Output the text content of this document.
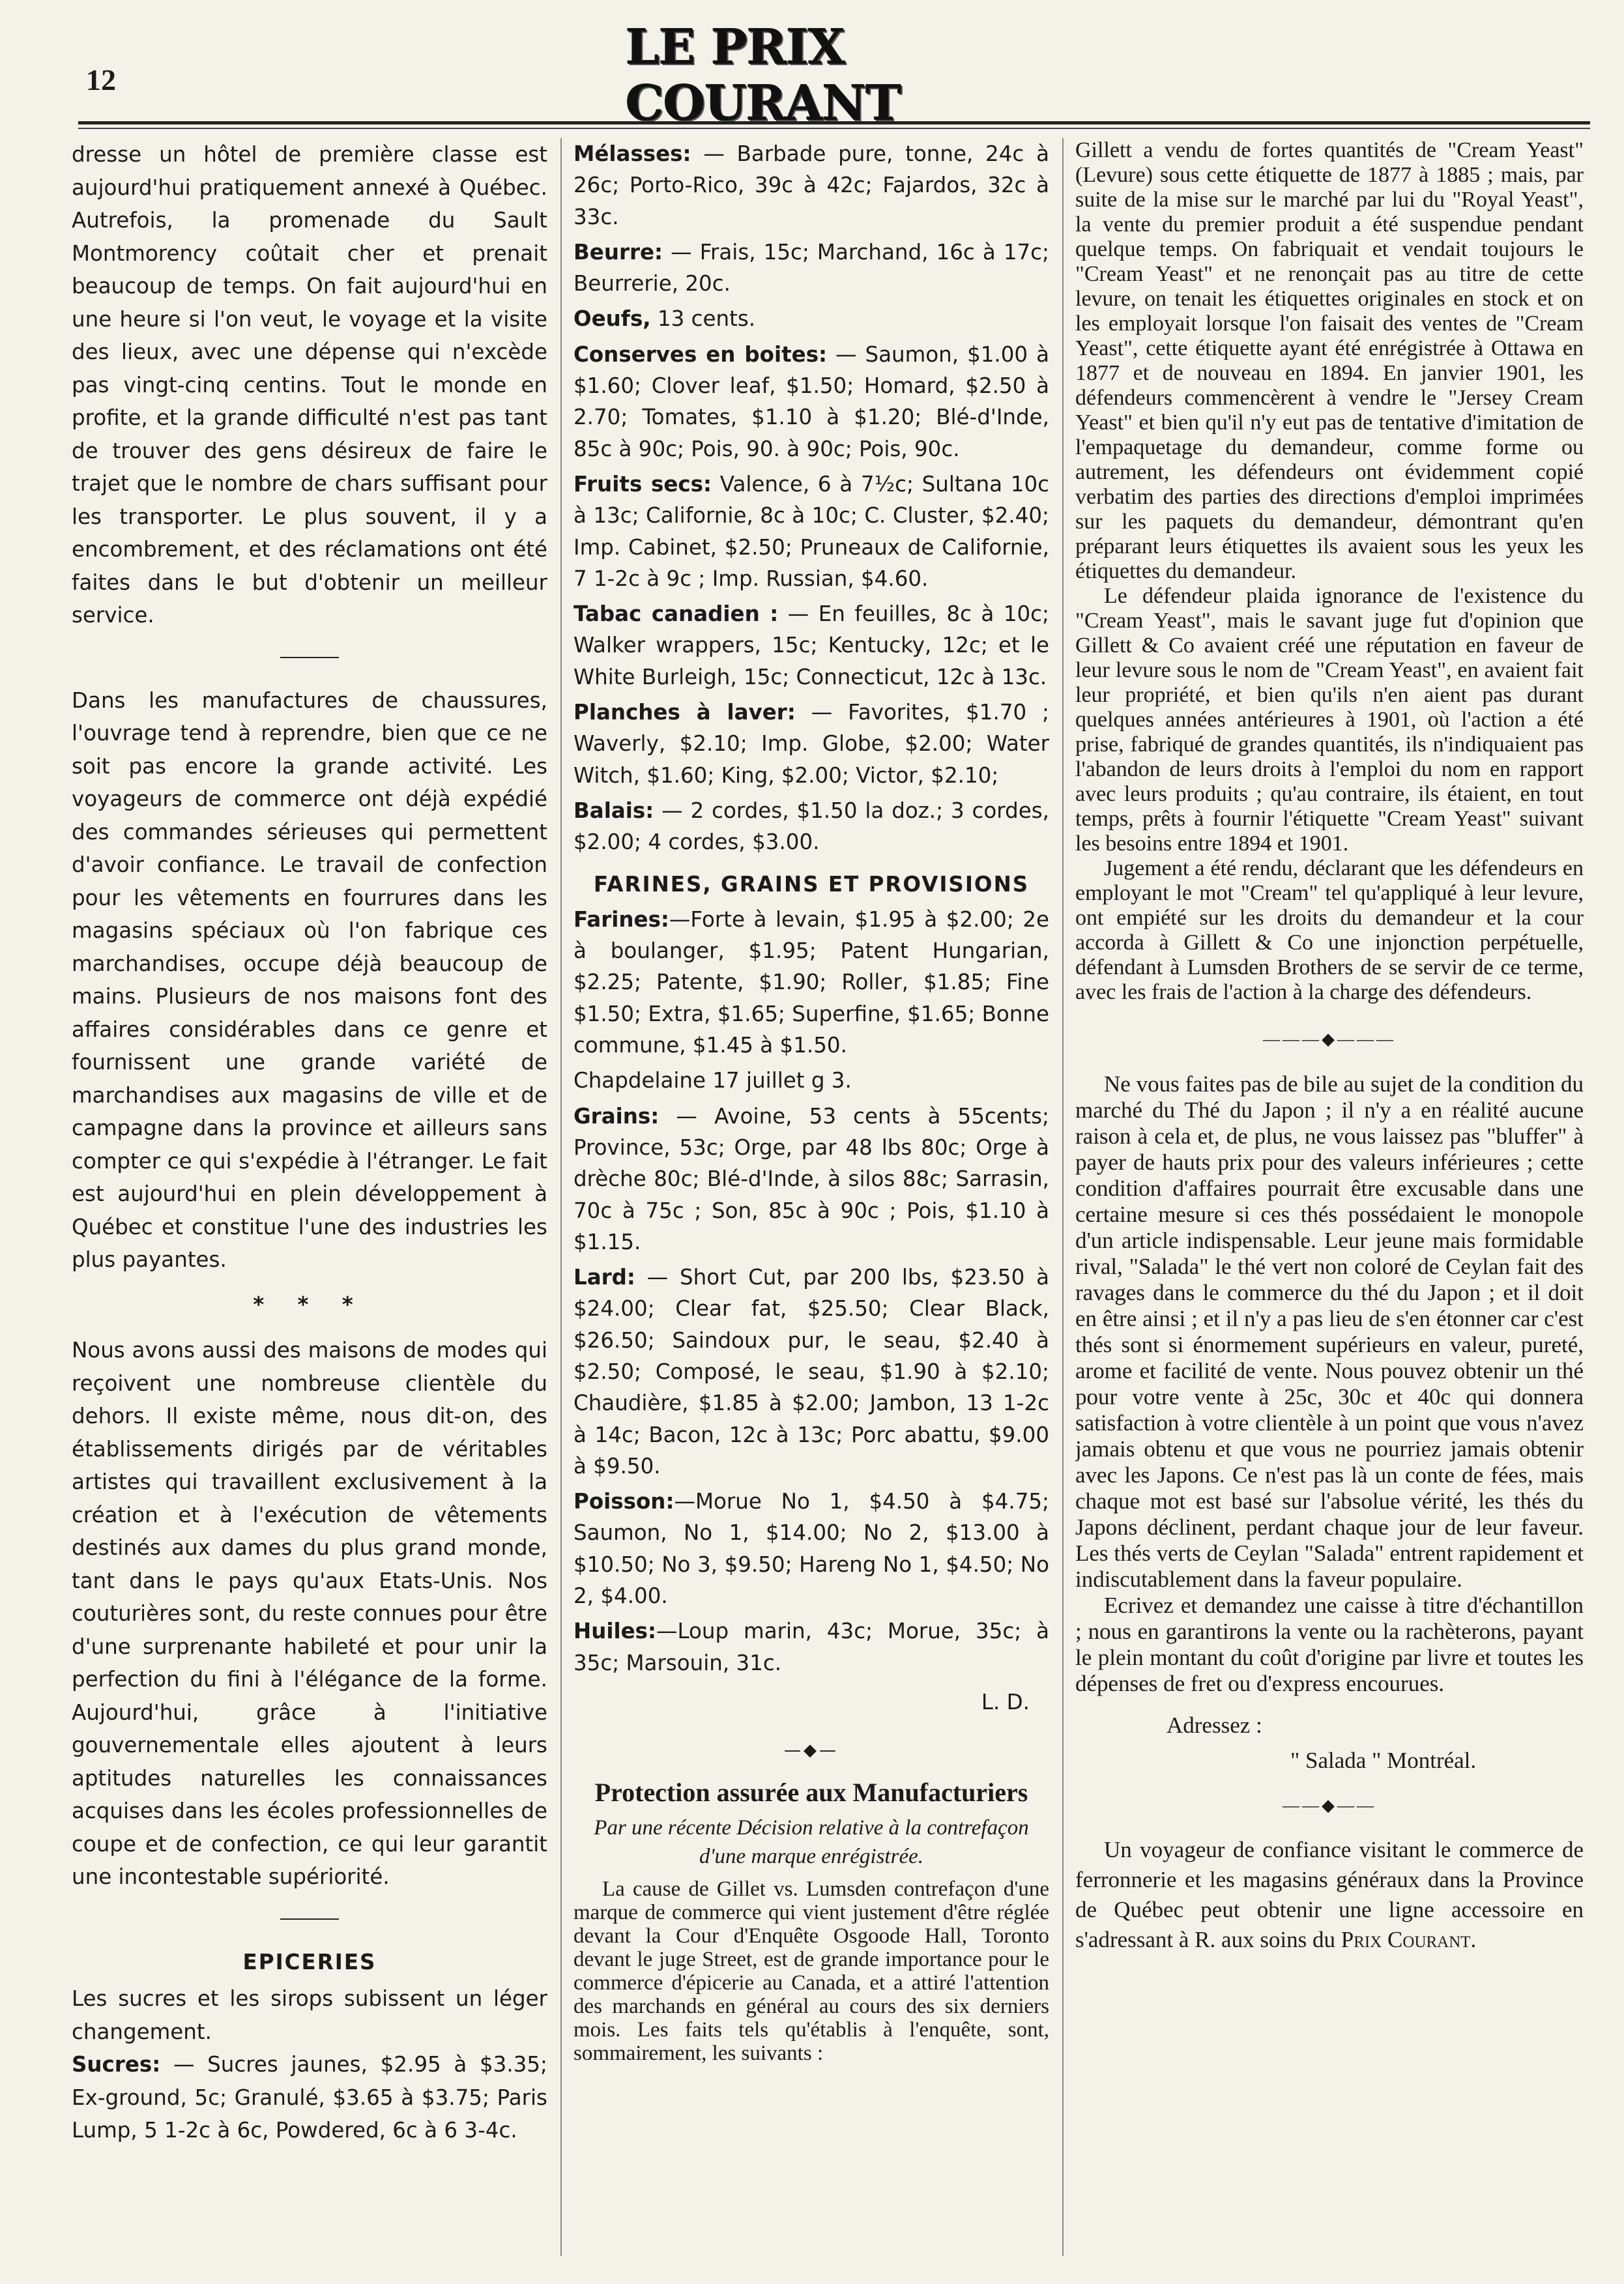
12
LE PRIX COURANT

dresse un hôtel de première classe est aujourd'hui pratiquement annexé à Québec. Autrefois, la promenade du Sault Montmorency coûtait cher et prenait beaucoup de temps. On fait aujourd'hui en une heure si l'on veut, le voyage et la visite des lieux, avec une dépense qui n'excède pas vingt-cinq centins. Tout le monde en profite, et la grande difficulté n'est pas tant de trouver des gens désireux de faire le trajet que le nombre de chars suffisant pour les transporter. Le plus souvent, il y a encombrement, et des réclamations ont été faites dans le but d'obtenir un meilleur service.

Dans les manufactures de chaussures, l'ouvrage tend à reprendre, bien que ce ne soit pas encore la grande activité. Les voyageurs de commerce ont déjà expédié des commandes sérieuses qui permettent d'avoir confiance. Le travail de confection pour les vêtements en fourrures dans les magasins spéciaux où l'on fabrique ces marchandises, occupe déjà beaucoup de mains. Plusieurs de nos maisons font des affaires considérables dans ce genre et fournissent une grande variété de marchandises aux magasins de ville et de campagne dans la province et ailleurs sans compter ce qui s'expédie à l'étranger. Le fait est aujourd'hui en plein développement à Québec et constitue l'une des industries les plus payantes.

* * *

Nous avons aussi des maisons de modes qui reçoivent une nombreuse clientèle du dehors. Il existe même, nous dit-on, des établissements dirigés par de véritables artistes qui travaillent exclusivement à la création et à l'exécution de vêtements destinés aux dames du plus grand monde, tant dans le pays qu'aux Etats-Unis. Nos couturières sont, du reste connues pour être d'une surprenante habileté et pour unir la perfection du fini à l'élégance de la forme. Aujourd'hui, grâce à l'initiative gouvernementale elles ajoutent à leurs aptitudes naturelles les connaissances acquises dans les écoles professionnelles de coupe et de confection, ce qui leur garantit une incontestable supériorité.

EPICERIES

Les sucres et les sirops subissent un léger changement.

Sucres: — Sucres jaunes, $2.95 à $3.35; Ex-ground, 5c; Granulé, $3.65 à $3.75; Paris Lump, 5 1-2c à 6c, Powdered, 6c à 6 3-4c.

Mélasses: — Barbade pure, tonne, 24c à 26c; Porto-Rico, 39c à 42c; Fajardos, 32c à 33c.

Beurre: — Frais, 15c; Marchand, 16c à 17c; Beurrerie, 20c.

Oeufs, 13 cents.

Conserves en boites: — Saumon, $1.00 à $1.60; Clover leaf, $1.50; Homard, $2.50 à 2.70; Tomates, $1.10 à $1.20; Blé-d'Inde, 85c à 90c; Pois, 90. à 90c; Pois, 90c.

Fruits secs: Valence, 6 à 7½c; Sultana 10c à 13c; Californie, 8c à 10c; C. Cluster, $2.40; Imp. Cabinet, $2.50; Pruneaux de Californie, 7 1-2c à 9c ; Imp. Russian, $4.60.

Tabac canadien : — En feuilles, 8c à 10c; Walker wrappers, 15c; Kentucky, 12c; et le White Burleigh, 15c; Connecticut, 12c à 13c.

Planches à laver: — Favorites, $1.70 ; Waverly, $2.10; Imp. Globe, $2.00; Water Witch, $1.60; King, $2.00; Victor, $2.10;

Balais: — 2 cordes, $1.50 la doz.; 3 cordes, $2.00; 4 cordes, $3.00.

FARINES, GRAINS ET PROVISIONS

Farines:—Forte à levain, $1.95 à $2.00; 2e à boulanger, $1.95; Patent Hungarian, $2.25; Patente, $1.90; Roller, $1.85; Fine $1.50; Extra, $1.65; Superfine, $1.65; Bonne commune, $1.45 à $1.50.

Chapdelaine 17 juillet g 3.

Grains: — Avoine, 53 cents à 55cents; Province, 53c; Orge, par 48 lbs 80c; Orge à drèche 80c; Blé-d'Inde, à silos 88c; Sarrasin, 70c à 75c ; Son, 85c à 90c ; Pois, $1.10 à $1.15.

Lard: — Short Cut, par 200 lbs, $23.50 à $24.00; Clear fat, $25.50; Clear Black, $26.50; Saindoux pur, le seau, $2.40 à $2.50; Composé, le seau, $1.90 à $2.10; Chaudière, $1.85 à $2.00; Jambon, 13 1-2c à 14c; Bacon, 12c à 13c; Porc abattu, $9.00 à $9.50.

Poisson:—Morue No 1, $4.50 à $4.75; Saumon, No 1, $14.00; No 2, $13.00 à $10.50; No 3, $9.50; Hareng No 1, $4.50; No 2, $4.00.

Huiles:—Loup marin, 43c; Morue, 35c; à 35c; Marsouin, 31c.

L. D.
—◆—
Protection assurée aux Manufacturiers
Par une récente Décision relative à la contrefaçon d'une marque enrégistrée.

La cause de Gillet vs. Lumsden contrefaçon d'une marque de commerce qui vient justement d'être réglée devant la Cour d'Enquête Osgoode Hall, Toronto devant le juge Street, est de grande importance pour le commerce d'épicerie au Canada, et a attiré l'attention des marchands en général au cours des six derniers mois. Les faits tels qu'établis à l'enquête, sont, sommairement, les suivants :

Gillett a vendu de fortes quantités de "Cream Yeast" (Levure) sous cette étiquette de 1877 à 1885 ; mais, par suite de la mise sur le marché par lui du "Royal Yeast", la vente du premier produit a été suspendue pendant quelque temps. On fabriquait et vendait toujours le "Cream Yeast" et ne renonçait pas au titre de cette levure, on tenait les étiquettes originales en stock et on les employait lorsque l'on faisait des ventes de "Cream Yeast", cette étiquette ayant été enrégistrée à Ottawa en 1877 et de nouveau en 1894. En janvier 1901, les défendeurs commencèrent à vendre le "Jersey Cream Yeast" et bien qu'il n'y eut pas de tentative d'imitation de l'empaquetage du demandeur, comme forme ou autrement, les défendeurs ont évidemment copié verbatim des parties des directions d'emploi imprimées sur les paquets du demandeur, démontrant qu'en préparant leurs étiquettes ils avaient sous les yeux les étiquettes du demandeur.

Le défendeur plaida ignorance de l'existence du "Cream Yeast", mais le savant juge fut d'opinion que Gillett & Co avaient créé une réputation en faveur de leur levure sous le nom de "Cream Yeast", en avaient fait leur propriété, et bien qu'ils n'en aient pas durant quelques années antérieures à 1901, où l'action a été prise, fabriqué de grandes quantités, ils n'indiquaient pas l'abandon de leurs droits à l'emploi du nom en rapport avec leurs produits ; qu'au contraire, ils étaient, en tout temps, prêts à fournir l'étiquette "Cream Yeast" suivant les besoins entre 1894 et 1901.

Jugement a été rendu, déclarant que les défendeurs en employant le mot "Cream" tel qu'appliqué à leur levure, ont empiété sur les droits du demandeur et la cour accorda à Gillett & Co une injonction perpétuelle, défendant à Lumsden Brothers de se servir de ce terme, avec les frais de l'action à la charge des défendeurs.

———◆———

Ne vous faites pas de bile au sujet de la condition du marché du Thé du Japon ; il n'y a en réalité aucune raison à cela et, de plus, ne vous laissez pas "bluffer" à payer de hauts prix pour des valeurs inférieures ; cette condition d'affaires pourrait être excusable dans une certaine mesure si ces thés possédaient le monopole d'un article indispensable. Leur jeune mais formidable rival, "Salada" le thé vert non coloré de Ceylan fait des ravages dans le commerce du thé du Japon ; et il doit en être ainsi ; et il n'y a pas lieu de s'en étonner car c'est thés sont si énormement supérieurs en valeur, pureté, arome et facilité de vente. Nous pouvez obtenir un thé pour votre vente à 25c, 30c et 40c qui donnera satisfaction à votre clientèle à un point que vous n'avez jamais obtenu et que vous ne pourriez jamais obtenir avec les Japons. Ce n'est pas là un conte de fées, mais chaque mot est basé sur l'absolue vérité, les thés du Japons déclinent, perdant chaque jour de leur faveur. Les thés verts de Ceylan "Salada" entrent rapidement et indiscutablement dans la faveur populaire.

Ecrivez et demandez une caisse à titre d'échantillon ; nous en garantirons la vente ou la rachèterons, payant le plein montant du coût d'origine par livre et toutes les dépenses de fret ou d'express encourues.

Adressez :
" Salada " Montréal.
——◆——

Un voyageur de confiance visitant le commerce de ferronnerie et les magasins généraux dans la Province de Québec peut obtenir une ligne accessoire en s'adressant à R. aux soins du Prix Courant.
